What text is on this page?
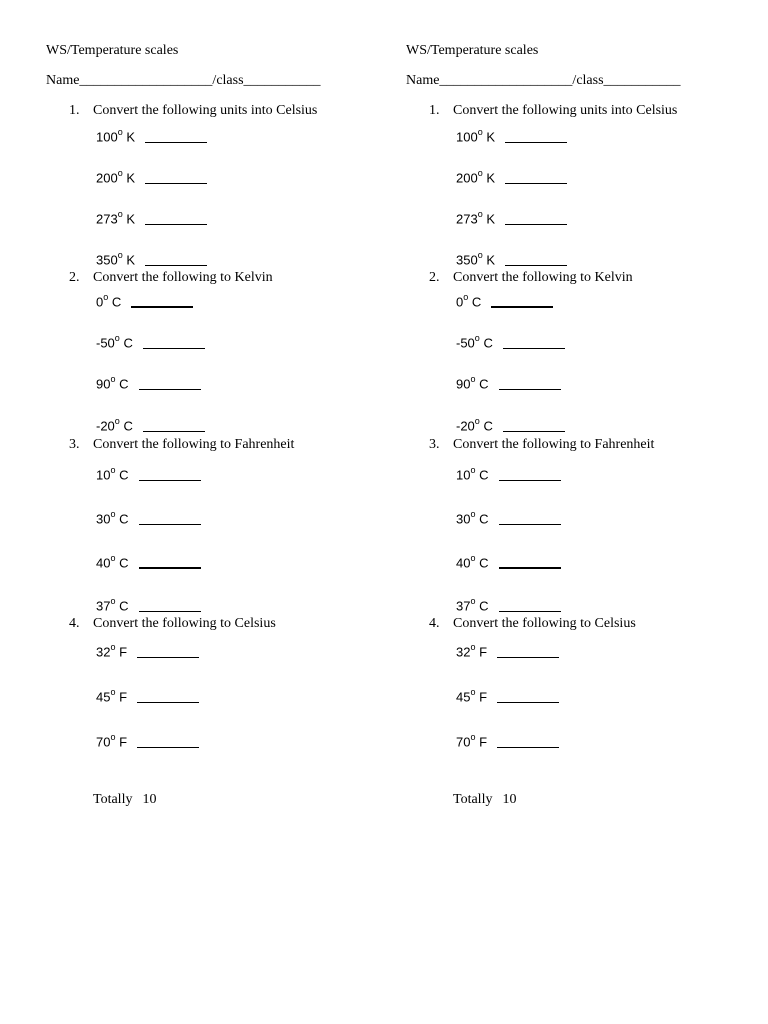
WS/Temperature scales
Name___________________/class___________
1. Convert the following units into Celsius
100$^o$ K
200$^o$ K
273$^o$ K
350$^o$ K
2. Convert the following to Kelvin
0$^o$ C
-50$^o$ C
90$^o$ C
-20$^o$ C
3. Convert the following to Fahrenheit
10$^o$ C
30$^o$ C
40$^o$ C
37$^o$ C
4. Convert the following to Celsius
32$^o$ F
45$^o$ F
70$^o$ F
Totally 10
WS/Temperature scales
Name___________________/class___________
1. Convert the following units into Celsius
100$^o$ K
200$^o$ K
273$^o$ K
350$^o$ K
2. Convert the following to Kelvin
0$^o$ C
-50$^o$ C
90$^o$ C
-20$^o$ C
3. Convert the following to Fahrenheit
10$^o$ C
30$^o$ C
40$^o$ C
37$^o$ C
4. Convert the following to Celsius
32$^o$ F
45$^o$ F
70$^o$ F
Totally 10
